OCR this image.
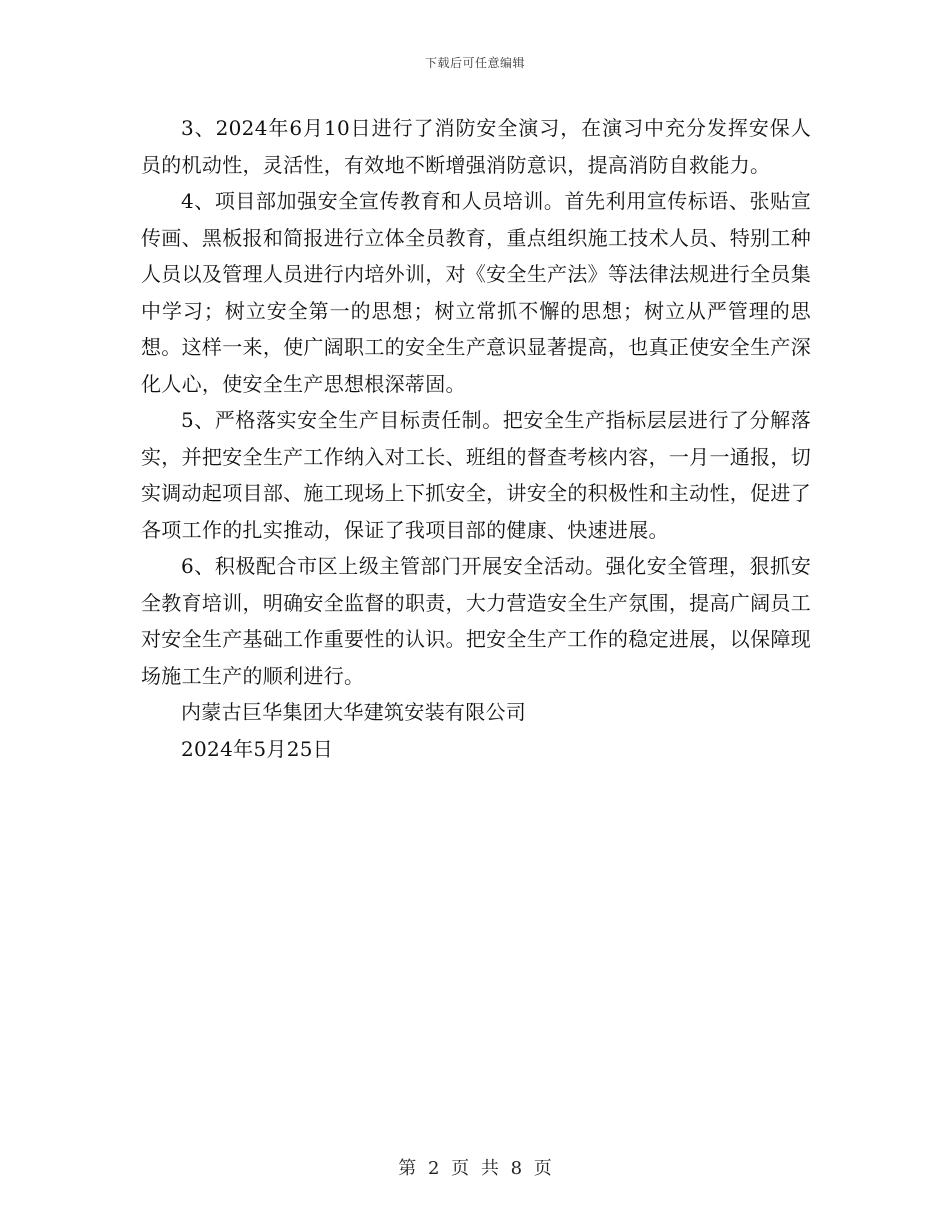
下载后可任意编辑

3、2024年6月10日进行了消防安全演习，在演习中充分发挥安保人员的机动性，灵活性，有效地不断增强消防意识，提高消防自救能力。

4、项目部加强安全宣传教育和人员培训。首先利用宣传标语、张贴宣传画、黑板报和简报进行立体全员教育，重点组织施工技术人员、特别工种人员以及管理人员进行内培外训，对《安全生产法》等法律法规进行全员集中学习；树立安全第一的思想；树立常抓不懈的思想；树立从严管理的思想。这样一来，使广阔职工的安全生产意识显著提高，也真正使安全生产深化人心，使安全生产思想根深蒂固。

5、严格落实安全生产目标责任制。把安全生产指标层层进行了分解落实，并把安全生产工作纳入对工长、班组的督查考核内容，一月一通报，切实调动起项目部、施工现场上下抓安全，讲安全的积极性和主动性，促进了各项工作的扎实推动，保证了我项目部的健康、快速进展。

6、积极配合市区上级主管部门开展安全活动。强化安全管理，狠抓安全教育培训，明确安全监督的职责，大力营造安全生产氛围，提高广阔员工对安全生产基础工作重要性的认识。把安全生产工作的稳定进展，以保障现场施工生产的顺利进行。

内蒙古巨华集团大华建筑安装有限公司

2024年5月25日

第 2 页 共 8 页
